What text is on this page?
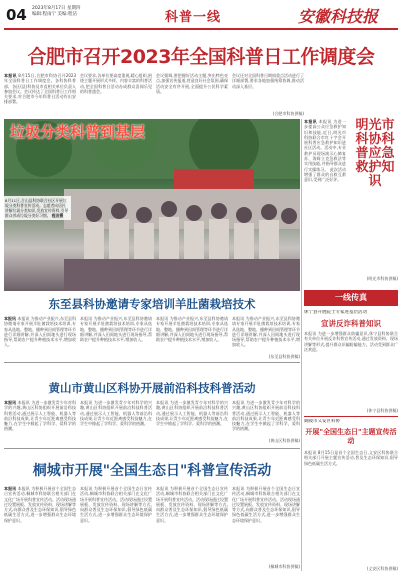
04 2023年8月17日 星期四
编辑:程雨宁 美编:程洁	科普一线	安徽科技报
合肥市召开2023年全国科普日工作调度会
本报讯 8月15日,合肥市科协召开2023年全国科普日工作调度会。各科协科普部、各区(县)科协及市直相关单位负责人参加会议。会议传达了全国科普日工作相关要求,对合肥市今年科普日活动作出安排部署。
会议要求,各单位要高度重视,精心组织,围绕主题开展形式多样、内容丰富的科普活动,把全国科普日活动办成群众喜闻乐见的科普盛会。
会议强调,要把握好活动主题,突出特色亮点,加强宣传报道,营造良好社会氛围,确保活动安全有序开展,全面提升公民科学素质。
会议还对全国科普日期间重点活动进行了详细部署,要求各地加强统筹协调,推动活动深入基层。
(合肥市科协供稿)
垃圾分类科普到基层
8月11日,合山县科协联合社区开展垃圾分类科普宣传活动。志愿者向居民讲解垃圾分类知识,发放宣传资料,引导群众养成垃圾分类好习惯。 程言摄
本报讯 本报讯 为进一步提高公众应急救护知识和技能,近日,明光市科协联合市红十字会开展科普应急救护知识进社区活动。活动中,专业救护员现场演示心肺复苏、海姆立克急救法等实用技能,并指导群众进行实操练习。 此次活动增强了群众的自救互救意识,受到广泛好评。
明光市科协科普应急救护知识
(明光市科协供稿)
一线传真
休宁县开展院士专家进基层活动
宣讲反诈科普知识
本报讯 为进一步增强群众防骗意识,休宁县科协联合有关单位开展反诈科普宣传活动,通过发放资料、现场讲解等形式,提升群众识骗防骗能力。活动受到群众广泛欢迎。
(休宁县科协供稿)
铜陵市义安区科协
开展"全国生态日"主题宣传活动
本报讯 8月15日是首个全国生态日,义安区科协联合相关部门开展主题宣传活动,普及生态环保知识,倡导绿色低碳生活方式。
(义安区科协供稿)
东至县科协邀请专家培训羊肚菌栽培技术
本报讯 本报讯 为推动产业振兴,东至县科协邀请专家开展羊肚菌栽培技术培训,专家从选地、整地、播种到田间管理等环节进行详细讲解,并深入田间地头进行现场指导,帮助农户提升种植技术水平,增加收入。
本报讯 为推动产业振兴,东至县科协邀请专家开展羊肚菌栽培技术培训,专家从选地、整地、播种到田间管理等环节进行详细讲解,并深入田间地头进行现场指导,帮助农户提升种植技术水平,增加收入。
本报讯 为推动产业振兴,东至县科协邀请专家开展羊肚菌栽培技术培训,专家从选地、整地、播种到田间管理等环节进行详细讲解,并深入田间地头进行现场指导,帮助农户提升种植技术水平,增加收入。
本报讯 为推动产业振兴,东至县科协邀请专家开展羊肚菌栽培技术培训,专家从选地、整地、播种到田间管理等环节进行详细讲解,并深入田间地头进行现场指导,帮助农户提升种植技术水平,增加收入。
(东至县科协供稿)
黄山市黄山区科协开展前沿科技科普活动
本报讯 本报讯 为进一步激发青少年对科学的兴趣,黄山区科协组织开展前沿科技科普活动,通过展示人工智能、机器人等前沿科技成果,让青少年近距离感受科技魅力,在学生中掀起了学科学、爱科学的热潮。
本报讯 为进一步激发青少年对科学的兴趣,黄山区科协组织开展前沿科技科普活动,通过展示人工智能、机器人等前沿科技成果,让青少年近距离感受科技魅力,在学生中掀起了学科学、爱科学的热潮。
本报讯 为进一步激发青少年对科学的兴趣,黄山区科协组织开展前沿科技科普活动,通过展示人工智能、机器人等前沿科技成果,让青少年近距离感受科技魅力,在学生中掀起了学科学、爱科学的热潮。
本报讯 为进一步激发青少年对科学的兴趣,黄山区科协组织开展前沿科技科普活动,通过展示人工智能、机器人等前沿科技成果,让青少年近距离感受科技魅力,在学生中掀起了学科学、爱科学的热潮。
(黄山区科协供稿)
桐城市开展"全国生态日"科普宣传活动
本报讯 本报讯 为积极开展首个全国生态日宣传活动,桐城市科协联合相关部门在文化广场开展科普宣传活动。活动现场通过设置展板、发放宣传资料、现场讲解等方式,向群众普及生态环保知识,倡导绿色低碳生活方式,进一步增强群众生态环境保护意识。
本报讯 为积极开展首个全国生态日宣传活动,桐城市科协联合相关部门在文化广场开展科普宣传活动。活动现场通过设置展板、发放宣传资料、现场讲解等方式,向群众普及生态环保知识,倡导绿色低碳生活方式,进一步增强群众生态环境保护意识。
本报讯 为积极开展首个全国生态日宣传活动,桐城市科协联合相关部门在文化广场开展科普宣传活动。活动现场通过设置展板、发放宣传资料、现场讲解等方式,向群众普及生态环保知识,倡导绿色低碳生活方式,进一步增强群众生态环境保护意识。
本报讯 为积极开展首个全国生态日宣传活动,桐城市科协联合相关部门在文化广场开展科普宣传活动。活动现场通过设置展板、发放宣传资料、现场讲解等方式,向群众普及生态环保知识,倡导绿色低碳生活方式,进一步增强群众生态环境保护意识。
(桐城市科协供稿)
